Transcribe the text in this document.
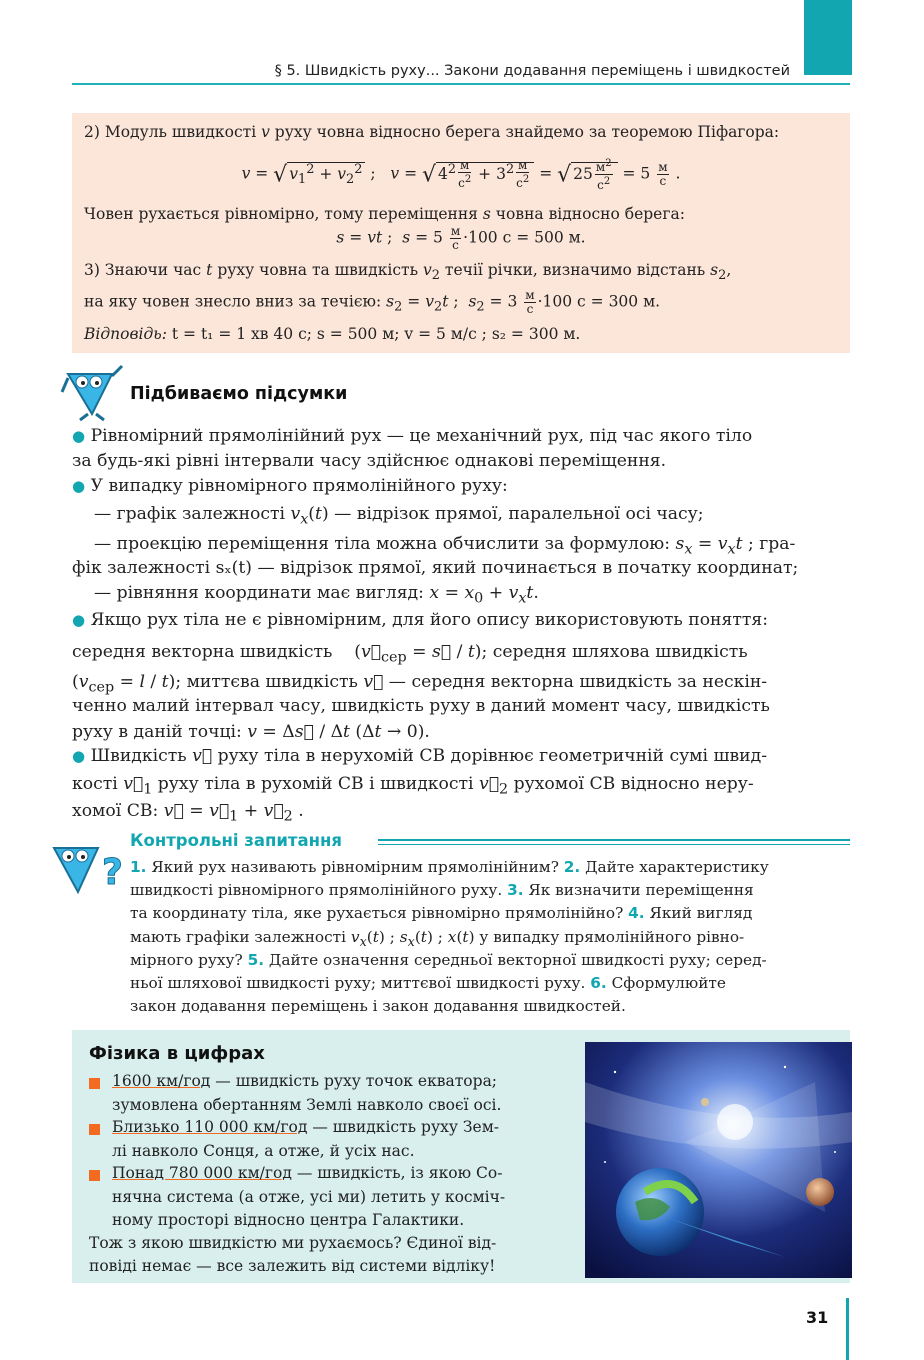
§ 5. Швидкість руху... Закони додавання переміщень і швидкостей
2) Модуль швидкості v руху човна відносно берега знайдемо за теоремою Піфагора:
v = √ $v_1^2 + v_2^2$ ;   v = √ $4^2 \frac{м}{с^2} + 3^2 \frac{м}{с^2}$ = √ $25 \frac{м^2}{с^2} = 5 \frac{м}{с}$ .
Човен рухається рівномірно, тому переміщення s човна відносно берега:
s = vt ;  $s = 5 \frac{м}{с} \cdot 100$ с = 500 м.
3) Знаючи час t руху човна та швидкість $v_2$ течії річки, визначимо відстань $s_2$,
на яку човен знесло вниз за течією: $s_2 = v_2t$ ;  $s_2 = 3 \frac{м}{с} \cdot 100$ с = 300 м.
Відповідь: t = t₁ = 1 хв 40 с; s = 500 м; v = 5 м/с ; s₂ = 300 м.
Підбиваємо підсумки
● Рівномірний прямолінійний рух — це механічний рух, під час якого тіло
за будь-які рівні інтервали часу здійснює однакові переміщення.
● У випадку рівномірного прямолінійного руху:
— графік залежності $v_x(t)$ — відрізок прямої, паралельної осі часу;
— проекцію переміщення тіла можна обчислити за формулою: $s_x = v_xt$ ; гра-
фік залежності sₓ(t) — відрізок прямої, який починається в початку координат;
— рівняння координати має вигляд: $x = x_0 + v_xt$.
● Якщо рух тіла не є рівномірним, для його опису використовують поняття:
середня векторна швидкість    ($v⃗_{сер}$ = s⃗ / t); середня шляхова швидкість
$(v_{сер} = l / t)$; миттєва швидкість v⃗ — середня векторна швидкість за нескін-
ченно малий інтервал часу, швидкість руху в даний момент часу, швидкість
руху в даній точці: v = Δs⃗ / Δt (Δt → 0).
● Швидкість v⃗ руху тіла в нерухомій СВ дорівнює геометричній сумі швид-
кості $v⃗_1$ руху тіла в рухомій СВ і швидкості $v⃗_2$ рухомої СВ відносно неру-
хомої СВ: v⃗ = $v⃗_1$ + $v⃗_2$ .
?
Контрольні запитання
1. Який рух називають рівномірним прямолінійним? 2. Дайте характеристику
швидкості рівномірного прямолінійного руху. 3. Як визначити переміщення
та координату тіла, яке рухається рівномірно прямолінійно? 4. Який вигляд
мають графіки залежності $v_x(t)$ ; $s_x(t)$ ; x(t) у випадку прямолінійного рівно-
мірного руху? 5. Дайте означення середньої векторної швидкості руху; серед-
ньої шляхової швидкості руху; миттєвої швидкості руху. 6. Сформулюйте
закон додавання переміщень і закон додавання швидкостей.
Фізика в цифрах
1600 км/год — швидкість руху точок екватора;
зумовлена обертанням Землі навколо своєї осі.
Близько 110 000 км/год — швидкість руху Зем-
лі навколо Сонця, а отже, й усіх нас.
Понад 780 000 км/год — швидкість, із якою Со-
нячна система (а отже, усі ми) летить у косміч-
ному просторі відносно центра Галактики.
Тож з якою швидкістю ми рухаємось? Єдиної від-
повіді немає — все залежить від системи відліку!
31
